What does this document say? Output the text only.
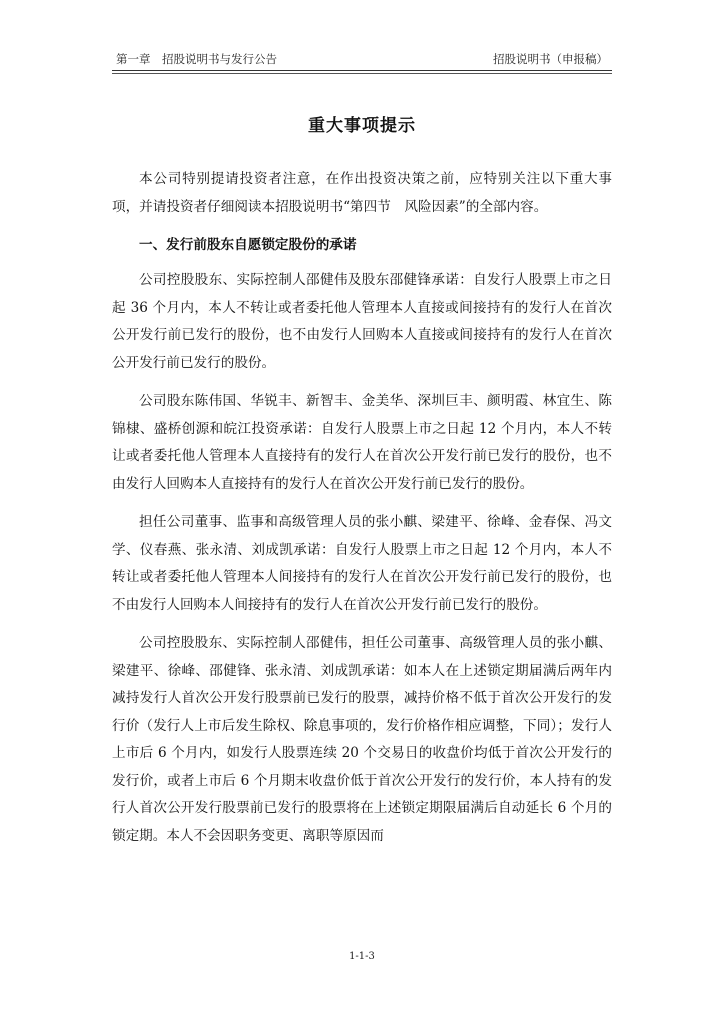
第一章　招股说明书与发行公告	招股说明书（申报稿）
重大事项提示

本公司特别提请投资者注意，在作出投资决策之前，应特别关注以下重大事项，并请投资者仔细阅读本招股说明书“第四节　风险因素”的全部内容。

一、发行前股东自愿锁定股份的承诺

公司控股股东、实际控制人邵健伟及股东邵健锋承诺：自发行人股票上市之日起 36 个月内，本人不转让或者委托他人管理本人直接或间接持有的发行人在首次公开发行前已发行的股份，也不由发行人回购本人直接或间接持有的发行人在首次公开发行前已发行的股份。

公司股东陈伟国、华锐丰、新智丰、金美华、深圳巨丰、颜明霞、林宜生、陈锦棣、盛桥创源和皖江投资承诺：自发行人股票上市之日起 12 个月内，本人不转让或者委托他人管理本人直接持有的发行人在首次公开发行前已发行的股份，也不由发行人回购本人直接持有的发行人在首次公开发行前已发行的股份。

担任公司董事、监事和高级管理人员的张小麒、梁建平、徐峰、金春保、冯文学、仪春燕、张永清、刘成凯承诺：自发行人股票上市之日起 12 个月内，本人不转让或者委托他人管理本人间接持有的发行人在首次公开发行前已发行的股份，也不由发行人回购本人间接持有的发行人在首次公开发行前已发行的股份。

公司控股股东、实际控制人邵健伟，担任公司董事、高级管理人员的张小麒、梁建平、徐峰、邵健锋、张永清、刘成凯承诺：如本人在上述锁定期届满后两年内减持发行人首次公开发行股票前已发行的股票，减持价格不低于首次公开发行的发行价（发行人上市后发生除权、除息事项的，发行价格作相应调整，下同）；发行人上市后 6 个月内，如发行人股票连续 20 个交易日的收盘价均低于首次公开发行的发行价，或者上市后 6 个月期末收盘价低于首次公开发行的发行价，本人持有的发行人首次公开发行股票前已发行的股票将在上述锁定期限届满后自动延长 6 个月的锁定期。本人不会因职务变更、离职等原因而

1-1-3
